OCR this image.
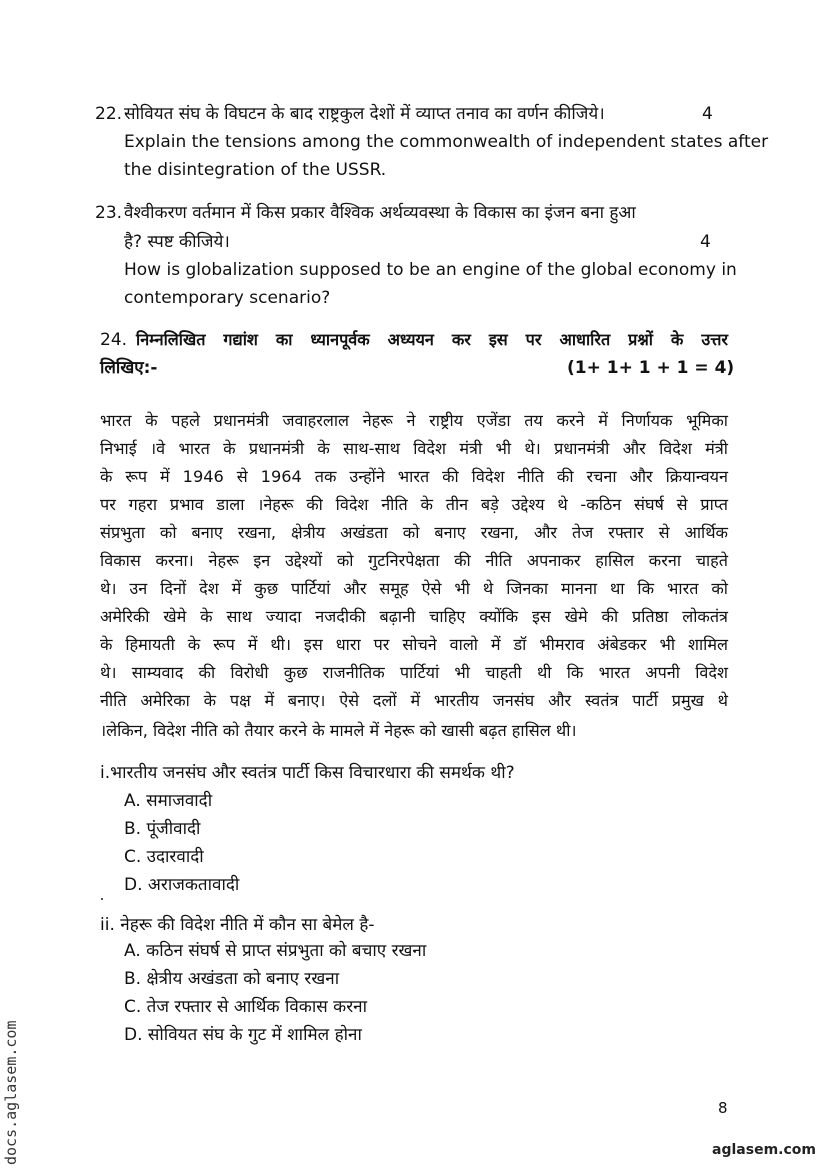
22. सोवियत संघ के विघटन के बाद राष्ट्रकुल देशों में व्याप्त तनाव का वर्णन कीजिये।	4
Explain the tensions among the commonwealth of independent states after
the disintegration of the USSR.
23. वैश्वीकरण वर्तमान में किस प्रकार वैश्विक अर्थव्यवस्था के विकास का इंजन बना हुआ
है? स्पष्ट कीजिये।	4
How is globalization supposed to be an engine of the global economy in
contemporary scenario?
24. निम्नलिखित गद्यांश का ध्यानपूर्वक अध्ययन कर इस पर आधारित प्रश्नों के उत्तर
लिखिए:-	(1+ 1+ 1 + 1 = 4)
भारत के पहले प्रधानमंत्री जवाहरलाल नेहरू ने राष्ट्रीय एजेंडा तय करने में निर्णायक भूमिका
निभाई ।वे भारत के प्रधानमंत्री के साथ-साथ विदेश मंत्री भी थे। प्रधानमंत्री और विदेश मंत्री
के रूप में 1946 से 1964 तक उन्होंने भारत की विदेश नीति की रचना और क्रियान्वयन
पर गहरा प्रभाव डाला ।नेहरू की विदेश नीति के तीन बड़े उद्देश्य थे -कठिन संघर्ष से प्राप्त
संप्रभुता को बनाए रखना, क्षेत्रीय अखंडता को बनाए रखना, और तेज रफ्तार से आर्थिक
विकास करना। नेहरू इन उद्देश्यों को गुटनिरपेक्षता की नीति अपनाकर हासिल करना चाहते
थे। उन दिनों देश में कुछ पार्टियां और समूह ऐसे भी थे जिनका मानना था कि भारत को
अमेरिकी खेमे के साथ ज्यादा नजदीकी बढ़ानी चाहिए क्योंकि इस खेमे की प्रतिष्ठा लोकतंत्र
के हिमायती के रूप में थी। इस धारा पर सोचने वालो में डॉ भीमराव अंबेडकर भी शामिल
थे। साम्यवाद की विरोधी कुछ राजनीतिक पार्टियां भी चाहती थी कि भारत अपनी विदेश
नीति अमेरिका के पक्ष में बनाए। ऐसे दलों में भारतीय जनसंघ और स्वतंत्र पार्टी प्रमुख थे
।लेकिन, विदेश नीति को तैयार करने के मामले में नेहरू को खासी बढ़त हासिल थी।
i.भारतीय जनसंघ और स्वतंत्र पार्टी किस विचारधारा की समर्थक थी?
A. समाजवादी
B. पूंजीवादी
C. उदारवादी
D. अराजकतावादी
ii. नेहरू की विदेश नीति में कौन सा बेमेल है-
A. कठिन संघर्ष से प्राप्त संप्रभुता को बचाए रखना
B. क्षेत्रीय अखंडता को बनाए रखना
C. तेज रफ्तार से आर्थिक विकास करना
D. सोवियत संघ के गुट में शामिल होना
8
docs.aglasem.com	aglasem.com
